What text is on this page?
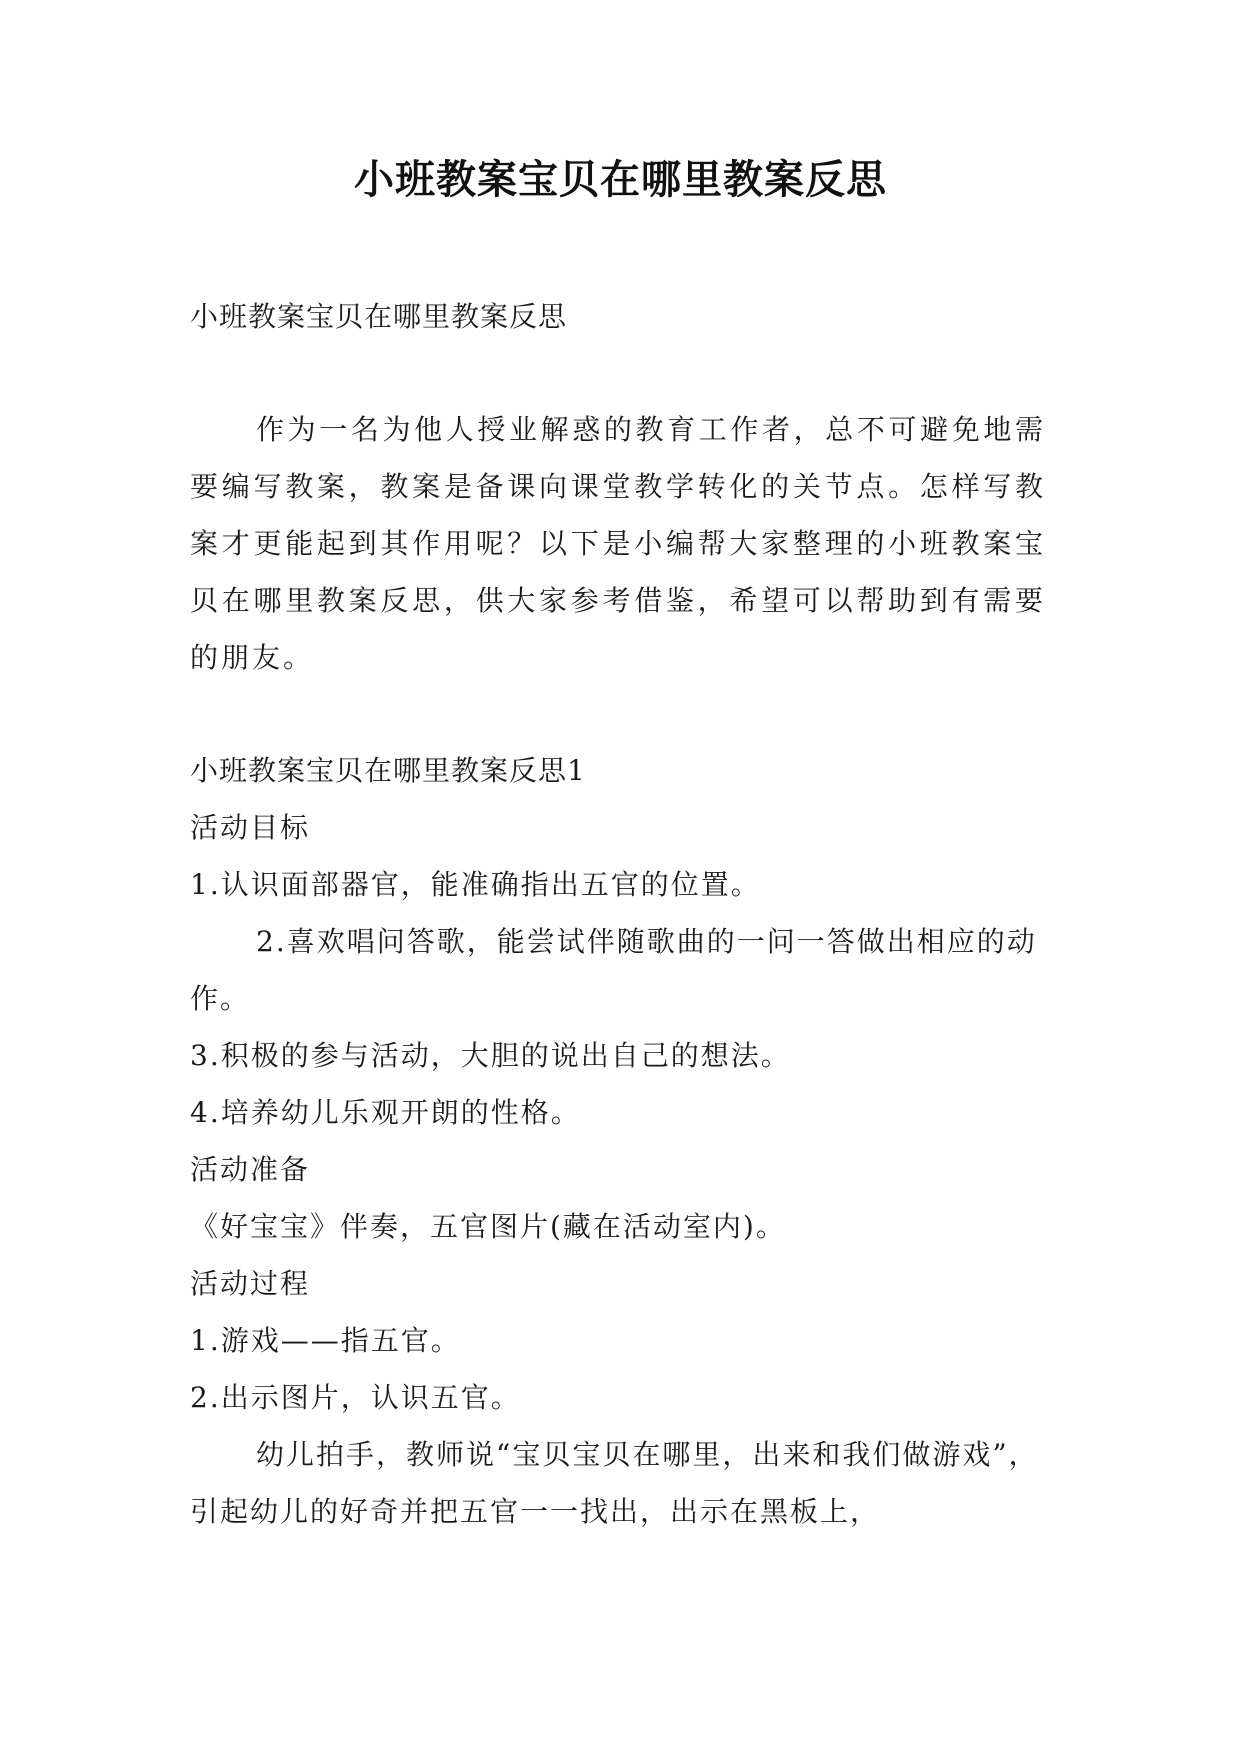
小班教案宝贝在哪里教案反思

小班教案宝贝在哪里教案反思

作为一名为他人授业解惑的教育工作者，总不可避免地需要编写教案，教案是备课向课堂教学转化的关节点。怎样写教案才更能起到其作用呢？以下是小编帮大家整理的小班教案宝贝在哪里教案反思，供大家参考借鉴，希望可以帮助到有需要的朋友。

小班教案宝贝在哪里教案反思1

活动目标

1.认识面部器官，能准确指出五官的位置。

2.喜欢唱问答歌，能尝试伴随歌曲的一问一答做出相应的动作。

3.积极的参与活动，大胆的说出自己的想法。

4.培养幼儿乐观开朗的性格。

活动准备

《好宝宝》伴奏，五官图片(藏在活动室内)。

活动过程

1.游戏——指五官。

2.出示图片，认识五官。

幼儿拍手，教师说“宝贝宝贝在哪里，出来和我们做游戏”，引起幼儿的好奇并把五官一一找出，出示在黑板上，
